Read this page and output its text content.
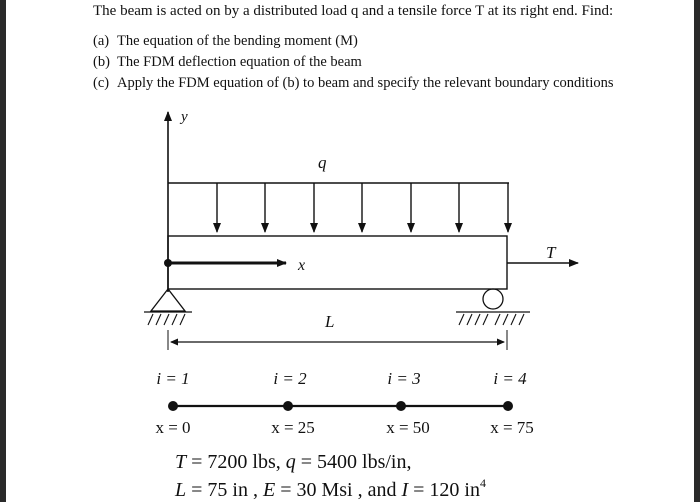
The beam is acted on by a distributed load q and a tensile force T at its right end. Find:
(a) The equation of the bending moment (M)
(b) The FDM deflection equation of the beam
(c) Apply the FDM equation of (b) to beam and specify the relevant boundary conditions
y
q
x
T
L
i = 1	i = 2	i = 3	i = 4
x = 0	x = 25	x = 50	x = 75
T = 7200 lbs, q = 5400 lbs/in,
L = 75 in , E = 30 Msi , and I = 120 $in^4$
